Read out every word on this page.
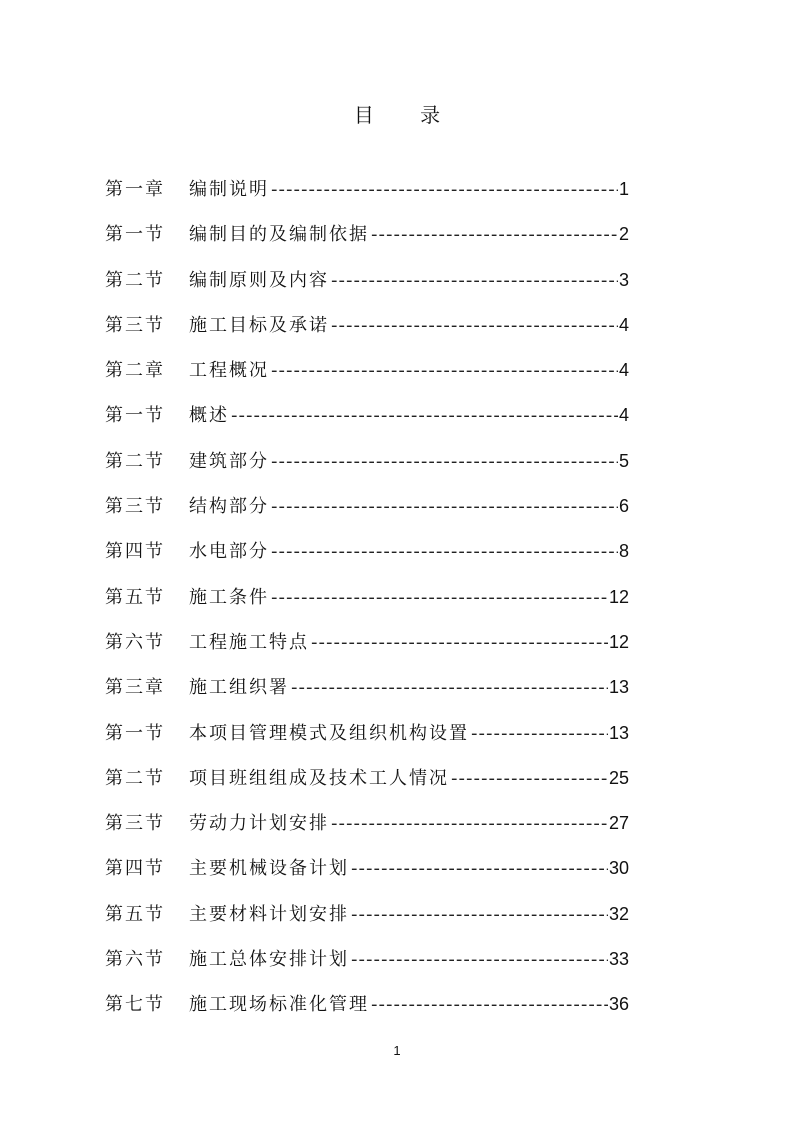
目 录
第一章	编制说明 -----	1
第一节	编制目的及编制依据 -----	2
第二节	编制原则及内容 -----	3
第三节	施工目标及承诺 -----	4
第二章	工程概况 -----	4
第一节	概述 -----	4
第二节	建筑部分 -----	5
第三节	结构部分 -----	6
第四节	水电部分 -----	8
第五节	施工条件 -----	12
第六节	工程施工特点 -----	12
第三章	施工组织署 -----	13
第一节	本项目管理模式及组织机构设置 -----	13
第二节	项目班组组成及技术工人情况 -----	25
第三节	劳动力计划安排 -----	27
第四节	主要机械设备计划 -----	30
第五节	主要材料计划安排 -----	32
第六节	施工总体安排计划 -----	33
第七节	施工现场标准化管理 -----	36
1
